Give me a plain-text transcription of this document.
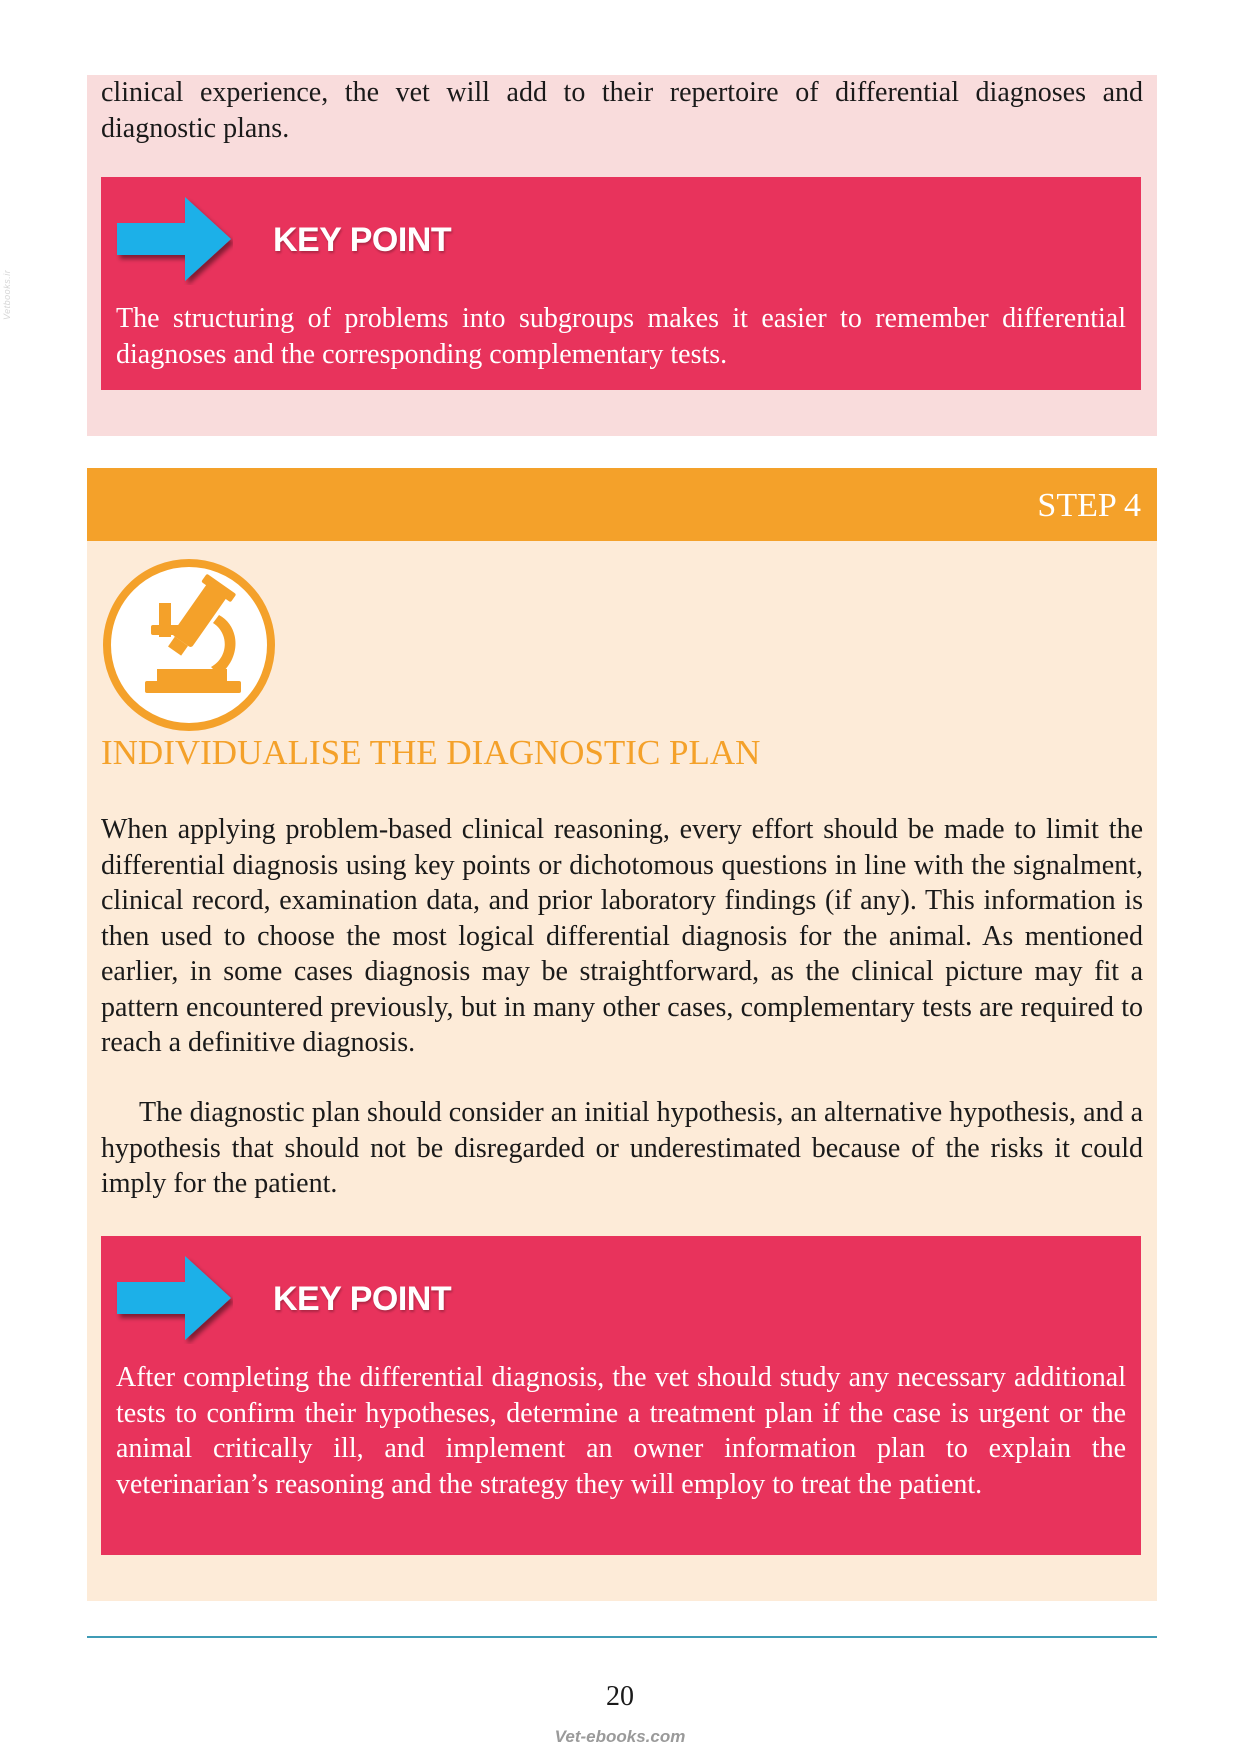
Vetbooks.ir

clinical experience, the vet will add to their repertoire of differential diagnoses and diagnostic plans.

KEY POINT

The structuring of problems into subgroups makes it easier to remember differential diagnoses and the corresponding complementary tests.

STEP 4
INDIVIDUALISE THE DIAGNOSTIC PLAN

When applying problem-based clinical reasoning, every effort should be made to limit the differential diagnosis using key points or dichotomous questions in line with the signalment, clinical record, examination data, and prior laboratory findings (if any). This information is then used to choose the most logical differential diagnosis for the animal. As mentioned earlier, in some cases diagnosis may be straightforward, as the clinical picture may fit a pattern encountered previously, but in many other cases, complementary tests are required to reach a definitive diagnosis.

KEY POINT

After completing the differential diagnosis, the vet should study any necessary additional tests to confirm their hypotheses, determine a treatment plan if the case is urgent or the animal critically ill, and implement an owner information plan to explain the veterinarian’s reasoning and the strategy they will employ to treat the patient.

The diagnostic plan should consider an initial hypothesis, an alternative hypothesis, and a hypothesis that should not be disregarded or underestimated because of the risks it could imply for the patient.

20
Vet-ebooks.com
